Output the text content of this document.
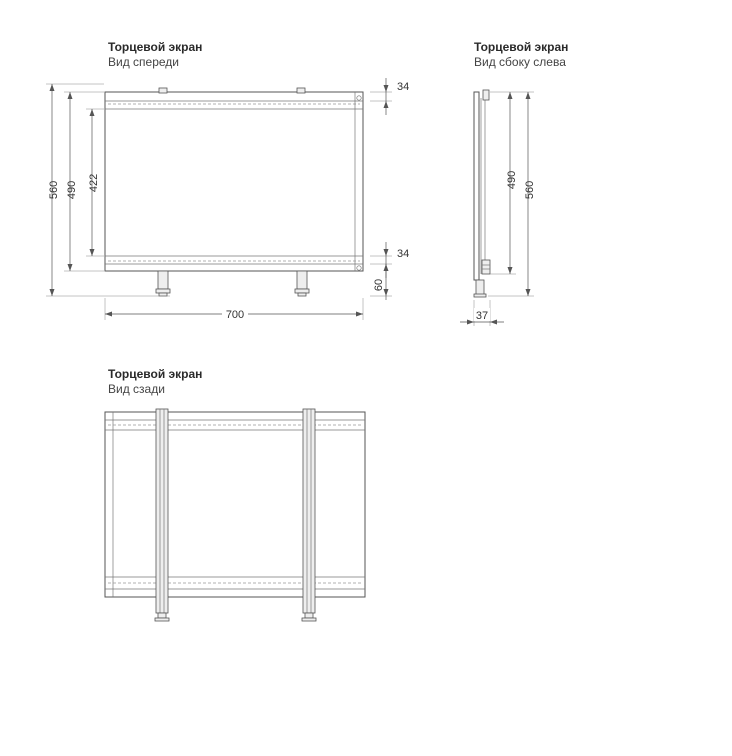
Торцевой экран
Вид спереди
Торцевой экран
Вид сбоку слева
Торцевой экран
Вид сзади
560 490 422
700
34
34
60
490
560
37
